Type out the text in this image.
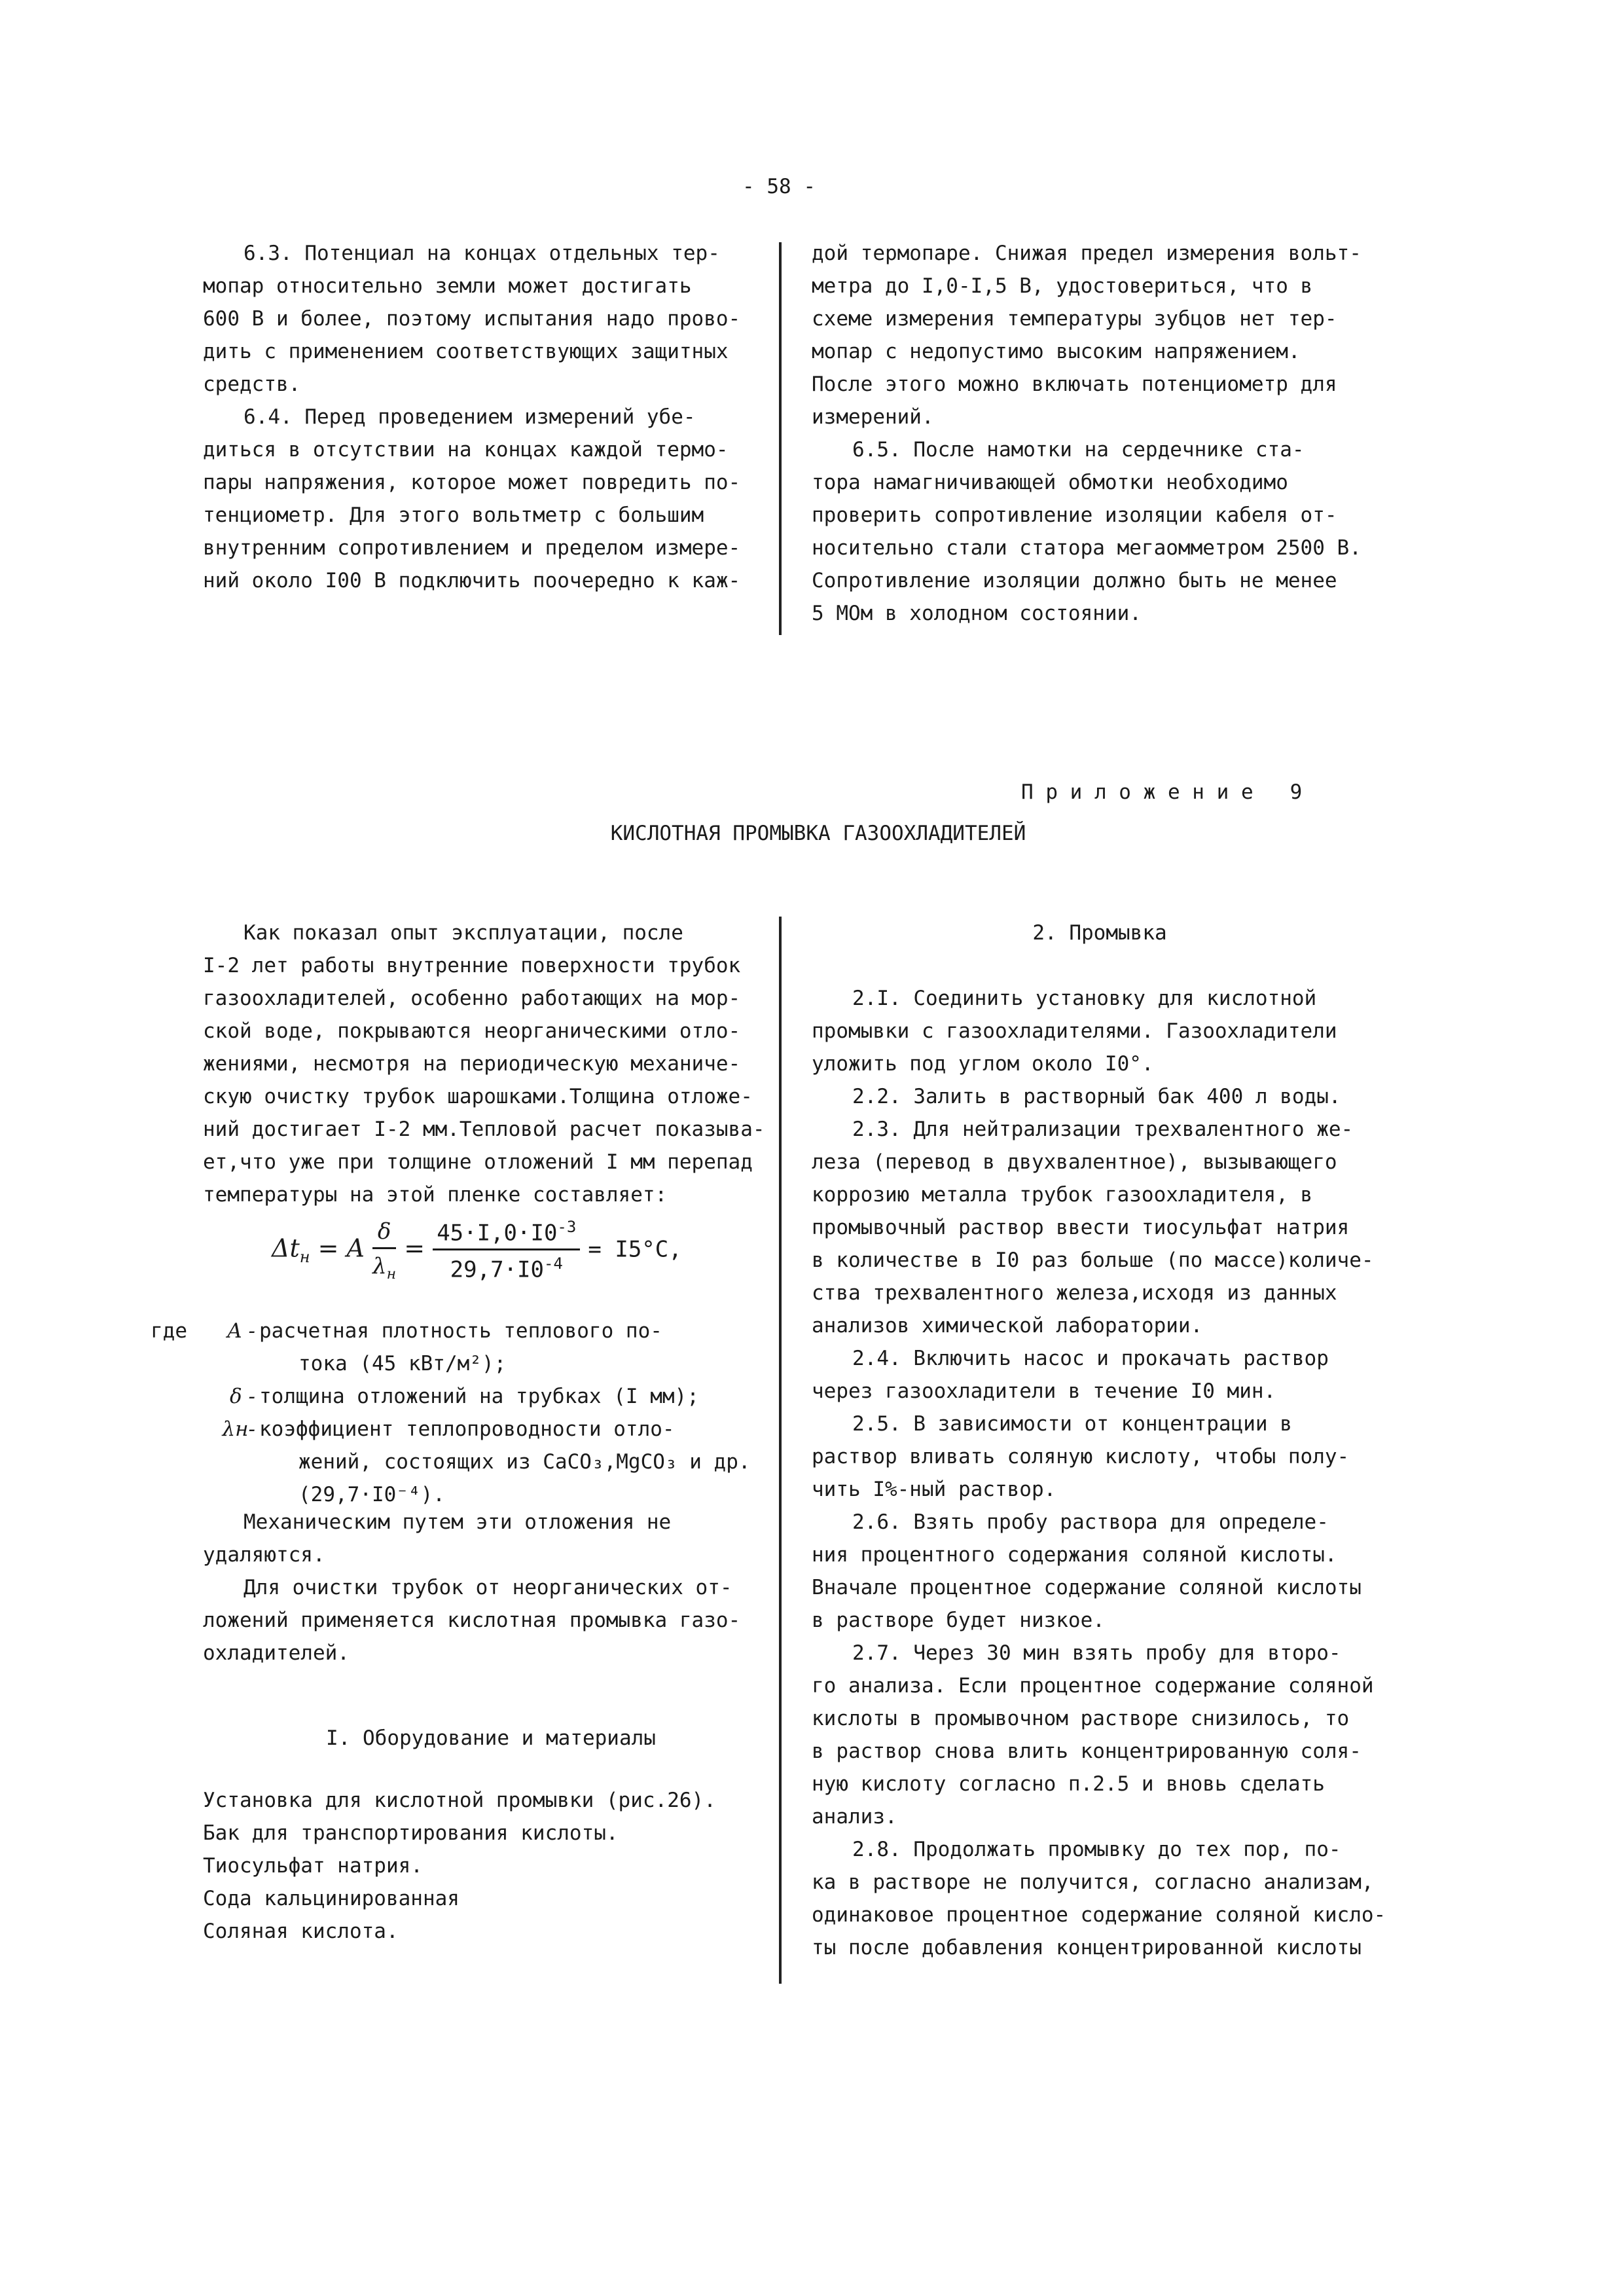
- 58 -
6.3. Потенциал на концах отдельных тер-
мопар относительно земли может достигать
600 В и более, поэтому испытания надо прово-
дить с применением соответствующих защитных
средств.
6.4. Перед проведением измерений убе-
диться в отсутствии на концах каждой термо-
пары напряжения, которое может повредить по-
тенциометр. Для этого вольтметр с большим
внутренним сопротивлением и пределом измере-
ний около I00 В подключить поочередно к каж-
дой термопаре. Снижая предел измерения вольт-
метра до I,0-I,5 В, удостовериться, что в
схеме измерения температуры зубцов нет тер-
мопар с недопустимо высоким напряжением.
После этого можно включать потенциометр для
измерений.
6.5. После намотки на сердечнике ста-
тора намагничивающей обмотки необходимо
проверить сопротивление изоляции кабеля от-
носительно стали статора мегаомметром 2500 В.
Сопротивление изоляции должно быть не менее
5 МОм в холодном состоянии.
П р и л о ж е н и е   9
КИСЛОТНАЯ ПРОМЫВКА ГАЗООХЛАДИТЕЛЕЙ
Как показал опыт эксплуатации, после
I-2 лет работы внутренние поверхности трубок
газоохладителей, особенно работающих на мор-
ской воде, покрываются неорганическими отло-
жениями, несмотря на периодическую механиче-
скую очистку трубок шарошками.Толщина отложе-
ний достигает I-2 мм.Тепловой расчет показыва-
ет,что уже при толщине отложений I мм перепад
температуры на этой пленке составляет:
$\Delta t_н = A \frac{\delta}{\lambda_н} = \frac{45\cdot I,0\cdot I0^{-3}}{29,7\cdot I0^{-4}} = I5^\circ C$,
где	A - расчетная плотность теплового по-
тока (45 кВт/м²);
δ - толщина отложений на трубках (I мм);
λн- коэффициент теплопроводности отло-
жений, состоящих из CaCO₃,MgCO₃ и др.
(29,7·I0⁻⁴).
Механическим путем эти отложения не
удаляются.
Для очистки трубок от неорганических от-
ложений применяется кислотная промывка газо-
охладителей.
I. Оборудование и материалы
Установка для кислотной промывки (рис.26).
Бак для транспортирования кислоты.
Тиосульфат натрия.
Сода кальцинированная
Соляная кислота.
2. Промывка
2.I. Соединить установку для кислотной
промывки с газоохладителями. Газоохладители
уложить под углом около I0°.
2.2. Залить в растворный бак 400 л воды.
2.3. Для нейтрализации трехвалентного же-
леза (перевод в двухвалентное), вызывающего
коррозию металла трубок газоохладителя, в
промывочный раствор ввести тиосульфат натрия
в количестве в I0 раз больше (по массе)количе-
ства трехвалентного железа,исходя из данных
анализов химической лаборатории.
2.4. Включить насос и прокачать раствор
через газоохладители в течение I0 мин.
2.5. В зависимости от концентрации в
раствор вливать соляную кислоту, чтобы полу-
чить I%-ный раствор.
2.6. Взять пробу раствора для определе-
ния процентного содержания соляной кислоты.
Вначале процентное содержание соляной кислоты
в растворе будет низкое.
2.7. Через 30 мин взять пробу для второ-
го анализа. Если процентное содержание соляной
кислоты в промывочном растворе снизилось, то
в раствор снова влить концентрированную соля-
ную кислоту согласно п.2.5 и вновь сделать
анализ.
2.8. Продолжать промывку до тех пор, по-
ка в растворе не получится, согласно анализам,
одинаковое процентное содержание соляной кисло-
ты после добавления концентрированной кислоты
